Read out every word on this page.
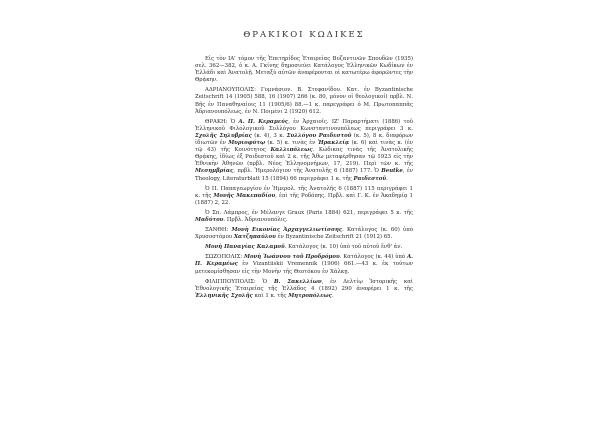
ΘΡΑΚΙΚΟΙ ΚΩΔΙΚΕΣ

Εἰς τὸν ΙΑ' τόμον τῆς Ἐπετηρίδος Ἑταιρείας Βυζαντινῶν Σπουδῶν (1935) σελ. 362—382, ὁ κ. Α. Γκίνης δημοσιεύει Κατάλογος Ἑλληνικῶν Κωδίκων ἐν Ἑλλάδι καὶ Ἀνατολῇ. Μεταξὺ αὐτῶν ἀναφέρονται οἱ κατωτέρω ἀφορῶντες τὴν Θρᾴκην.

ΑΔΡΙΑΝΟΥΠΟΛΙΣ: Γυμνάσιον. Β. Στεφανίδου. Κατ. ἐν Byzantinische Zeitschrift 14 (1905) 588, 16 (1907) 266 (κ. 80, μόνον οἱ θεολογικοί) πρβλ. Ν. Βῆς ἐν Παναθηναίοις 11 (1905/6) 88.—1 κ. παρεγράφει ὁ Μ. Πρωτοπαππᾶς Ἀδριανουπόλεως, ἐν Ν. Ποιμένι 2 (1920) 612.

ΘΡΑΚΗ: Ὁ Α. Π. Κεραμεύς, ἐν Ἀρχαιοῖς. ΙΖ' Παραρτήματι (1886) τοῦ Ἑλληνικοῦ Φιλολογικοῦ Συλλόγου Κωνσταντινουπόλεως περιγράφει 3 κ. Σχολῆς Σηλυβρίας (κ. 4), 3 κ. Συλλόγου Ραιδεστοῦ (κ. 5), 8 κ. διαφόρων ἰδιωτῶν ἐν Μυριοφύτῳ (κ. 5) κ. τινὰς ἐν Ἡρακλείᾳ (κ. 6) καὶ τινὰς κ. (ἐν τῷ 43) τῆς Κοινότητος Καλλιπόλεως. Κώδικας τινὰς τῆς Ἀνατολικῆς Θρᾴκης, ἰδίως ἐξ Ραιδεστοῦ καὶ 2 κ. τῆς Ἄθω μεταφέρθησαν τῷ 1923 εἰς τὴν Ἐθνικὴν Ἀθηνῶν (πρβλ. Νέος Ἑλληνομνήμων, 17, 219). Περὶ τῶν κ. τῆς Μεσημβρίας, πρβλ. Ἡμερολόγιον τῆς Ἀνατολῆς 6 (1887) 177. Ὁ Beutke, ἐν Theology, Literaturblatt 15 (1894) 66 περιγράφει 1 κ. τῆς Ραιδεστοῦ.

Ὁ Π. Παπαγεωργίου ἐν Ἠμερολ. τῆς Ἀνατολῆς 6 (1887) 115 περιγράφει 1 κ. τῆς Μονῆς Μακεπαδίου, ἐπὶ τῆς Ροδόπης. Πρβλ. καὶ Γ. Κ. ἐν Ἀκαδημίᾳ 1 (1887) 2, 22.

Ὁ Σπ. Λάμπρος, ἐν Μέλανγε Graux (Paris 1884) 621, περιγράφει 5 κ. τῆς Μαδύτου. Πρβλ. Ἀδριανουπόλις.

ΞΑΝΘΗ: Μονὴ Εικονίας Ἀρχαγγελιωτίσσης. Κατάλογος (κ. 60) ὑπὸ Χρυσοστόμου Χατζηπαύλου ἐν Byzantinische Zeitschrift 21 (1912) 65.

Μονὴ Παναγίας Καλαμοῦ. Κατάλογος (κ. 10) ὑπὸ τοῦ αὐτοῦ ἔνθ' ἀν.

ΣΩΖΟΠΟΛΙΣ: Μονὴ Ἰωάννου τοῦ Προδρόμου. Κατάλογος (κ. 44) ὑπὸ Α. Π. Κεραμέως ἐν Vizantiiskii Vremennik (1906) 661.—43 κ. ἐκ τούτων μετεκομίσθησαν εἰς τὴν Μονὴν τῆς Θεοτόκου ἐν Χάλκῃ.

ΦΙΛΙΠΠΟΥΠΟΛΙΣ: Ὁ Β. Σακελλίων, ἐν Δελτίῳ Ἱστορικῆς καὶ Ἐθνολογικῆς Ἑταιρείας τῆς Ἑλλάδος 4 (1892) 290 ἀναφέρει 1 κ. τῆς Ἑλληνικῆς Σχολῆς καὶ 1 κ. τῆς Μητροπόλεως.
